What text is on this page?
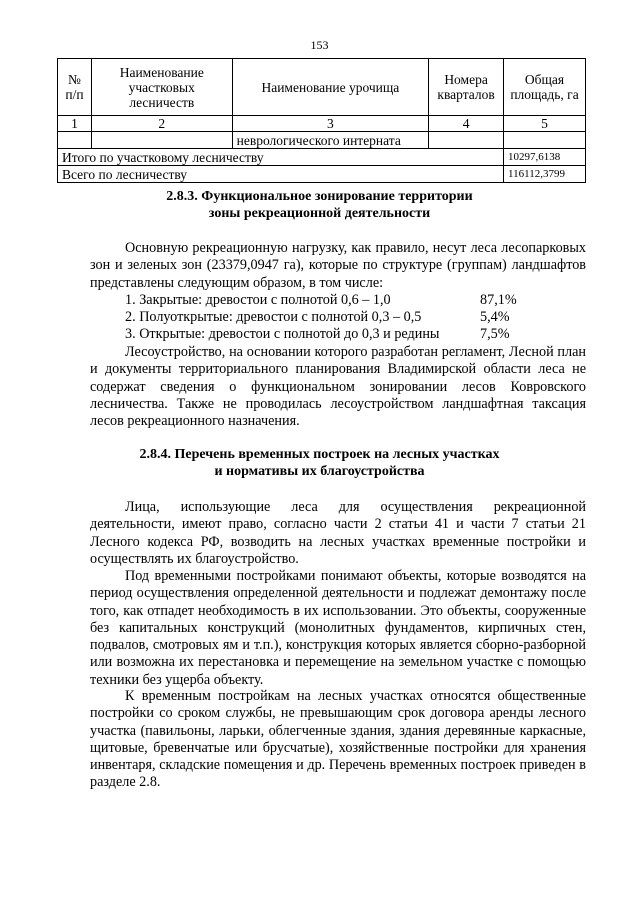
153
№ п/п	Наименование участковых лесничеств	Наименование урочища	Номера кварталов	Общая площадь, га
1	2	3	4	5
		неврологического интерната		
Итого по участковому лесничеству				10297,6138
Всего по лесничеству				116112,3799
2.8.3. Функциональное зонирование территории
зоны рекреационной деятельности

Основную рекреационную нагрузку, как правило, несут леса лесопарковых зон и зеленых зон (23379,0947 га), которые по структуре (группам) ландшафтов представлены следующим образом, в том числе:

1. Закрытые: древостои с полнотой 0,6 – 1,0	87,1%
2. Полуоткрытые: древостои с полнотой 0,3 – 0,5	5,4%
3. Открытые: древостои с полнотой до 0,3 и редины	7,5%

Лесоустройство, на основании которого разработан регламент, Лесной план и документы территориального планирования Владимирской области леса не содержат сведения о функциональном зонировании лесов Ковровского лесничества. Также не проводилась лесоустройством ландшафтная таксация лесов рекреационного назначения.

2.8.4. Перечень временных построек на лесных участках
и нормативы их благоустройства

Лица, использующие леса для осуществления рекреационной деятельности, имеют право, согласно части 2 статьи 41 и части 7 статьи 21 Лесного кодекса РФ, возводить на лесных участках временные постройки и осуществлять их благоустройство.

Под временными постройками понимают объекты, которые возводятся на период осуществления определенной деятельности и подлежат демонтажу после того, как отпадет необходимость в их использовании. Это объекты, сооруженные без капитальных конструкций (монолитных фундаментов, кирпичных стен, подвалов, смотровых ям и т.п.), конструкция которых является сборно-разборной или возможна их перестановка и перемещение на земельном участке с помощью техники без ущерба объекту.

К временным постройкам на лесных участках относятся общественные постройки со сроком службы, не превышающим срок договора аренды лесного участка (павильоны, ларьки, облегченные здания, здания деревянные каркасные, щитовые, бревенчатые или брусчатые), хозяйственные постройки для хранения инвентаря, складские помещения и др. Перечень временных построек приведен в разделе 2.8.
